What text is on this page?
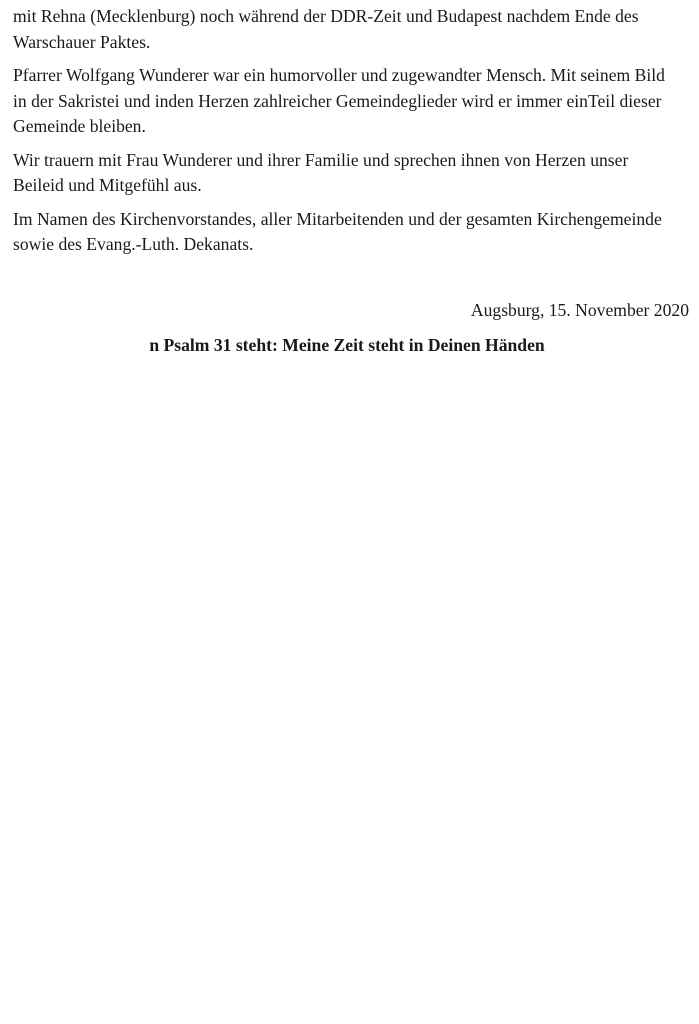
mit Rehna (Mecklenburg) noch während der DDR-Zeit und Budapest nachdem Ende des Warschauer Paktes.

Pfarrer Wolfgang Wunderer war ein humorvoller und zugewandter Mensch. Mit seinem Bild in der Sakristei und inden Herzen zahlreicher Gemeindeglieder wird er immer einTeil dieser Gemeinde bleiben.

Wir trauern mit Frau Wunderer und ihrer Familie und sprechen ihnen von Herzen unser Beileid und Mitgefühl aus.

Im Namen des Kirchenvorstandes, aller Mitarbeitenden und der gesamten Kirchengemeinde sowie des Evang.-Luth. Dekanats.

Augsburg, 15. November 2020

n Psalm 31 steht: Meine Zeit steht in Deinen Händen
